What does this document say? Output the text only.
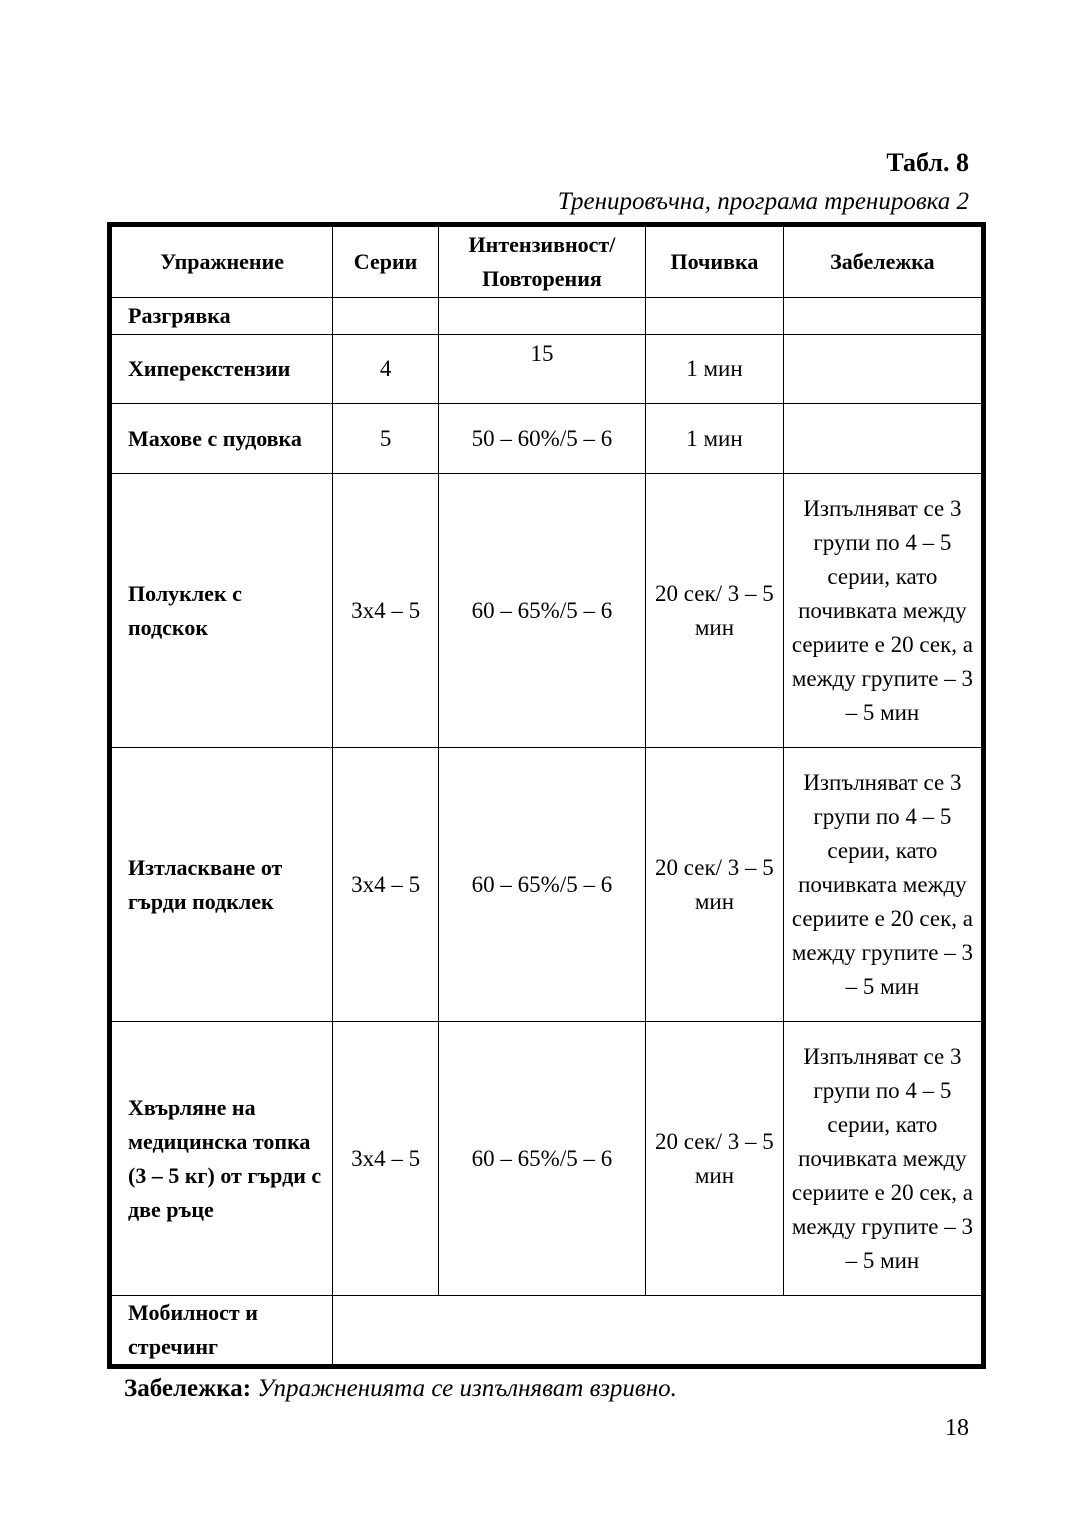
Табл. 8
Тренировъчна, програма тренировка 2
Упражнение	Серии	Интензивност/ Повторения	Почивка	Забележка
Разгрявка				
Хиперекстензии	4	15	1 мин	
Махове с пудовка	5	50 – 60%/5 – 6	1 мин	
Полуклек с подскок	3x4 – 5	60 – 65%/5 – 6	20 сек/ 3 – 5 мин	Изпълняват се 3 групи по 4 – 5 серии, като почивката между сериите е 20 сек, а между групите – 3 – 5 мин
Изтласкване от гърди подклек	3x4 – 5	60 – 65%/5 – 6	20 сек/ 3 – 5 мин	Изпълняват се 3 групи по 4 – 5 серии, като почивката между сериите е 20 сек, а между групите – 3 – 5 мин
Хвърляне на медицинска топка (3 – 5 кг) от гърди с две ръце	3x4 – 5	60 – 65%/5 – 6	20 сек/ 3 – 5 мин	Изпълняват се 3 групи по 4 – 5 серии, като почивката между сериите е 20 сек, а между групите – 3 – 5 мин
Мобилност и стречинг				
Забележка: Упражненията се изпълняват взривно.
18
